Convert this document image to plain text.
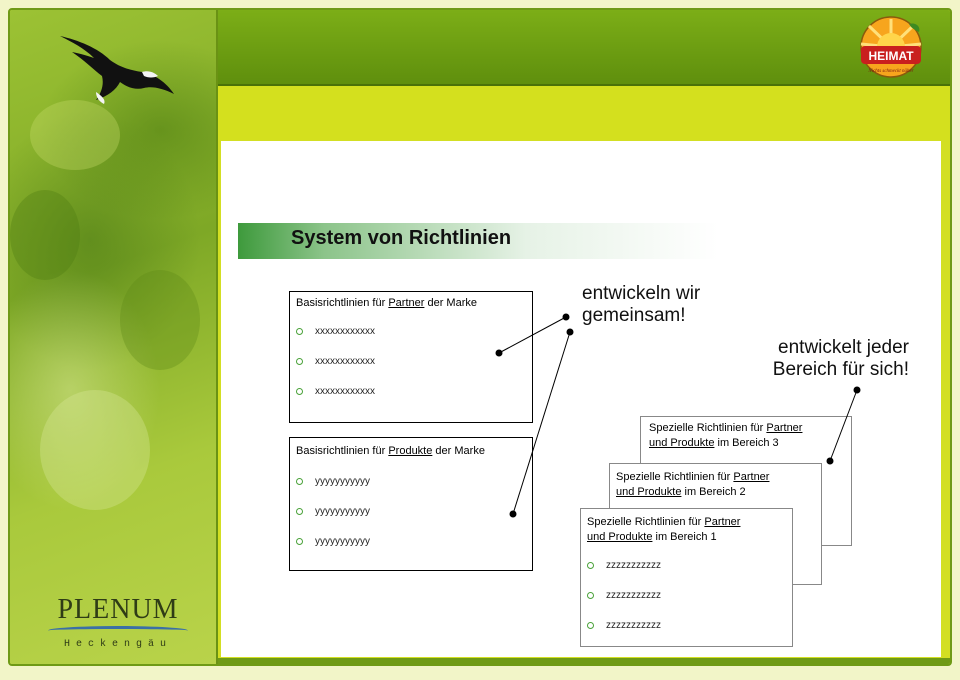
PLENUM
Heckengäu
HEIMAT
Nichts schmeckt näher
System von Richtlinien
Basisrichtlinien für Partner der Marke
xxxxxxxxxxxx
xxxxxxxxxxxx
xxxxxxxxxxxx
Basisrichtlinien für Produkte der Marke
yyyyyyyyyyy
yyyyyyyyyyy
yyyyyyyyyyy
Spezielle Richtlinien für Partner
und Produkte im Bereich 3
Spezielle Richtlinien für Partner
und Produkte im Bereich 2
Spezielle Richtlinien für Partner
und Produkte im Bereich 1
zzzzzzzzzzz
zzzzzzzzzzz
zzzzzzzzzzz
entwickeln wir
gemeinsam!
entwickelt jeder
Bereich für sich!
